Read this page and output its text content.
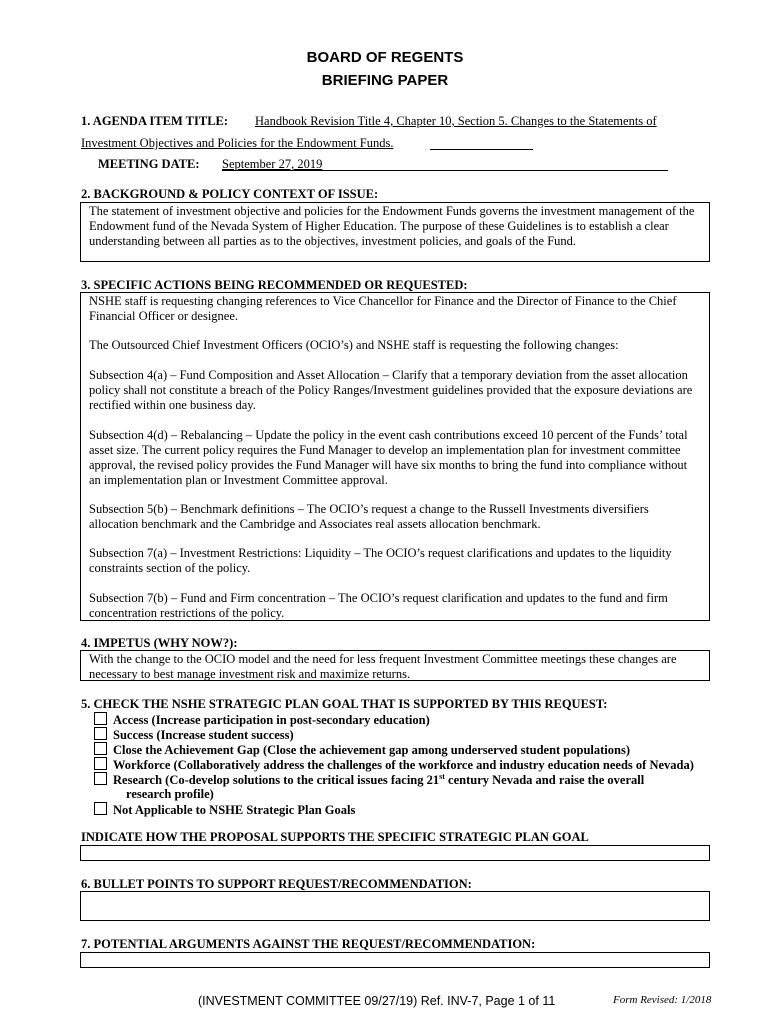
BOARD OF REGENTS
BRIEFING PAPER
1. AGENDA ITEM TITLE: Handbook Revision Title 4, Chapter 10, Section 5. Changes to the Statements of
Investment Objectives and Policies for the Endowment Funds.
MEETING DATE: September 27, 2019
2. BACKGROUND & POLICY CONTEXT OF ISSUE:
The statement of investment objective and policies for the Endowment Funds governs the investment management of the
Endowment fund of the Nevada System of Higher Education. The purpose of these Guidelines is to establish a clear
understanding between all parties as to the objectives, investment policies, and goals of the Fund.
3. SPECIFIC ACTIONS BEING RECOMMENDED OR REQUESTED:
NSHE staff is requesting changing references to Vice Chancellor for Finance and the Director of Finance to the Chief
Financial Officer or designee.
The Outsourced Chief Investment Officers (OCIO’s) and NSHE staff is requesting the following changes:
Subsection 4(a) – Fund Composition and Asset Allocation – Clarify that a temporary deviation from the asset allocation
policy shall not constitute a breach of the Policy Ranges/Investment guidelines provided that the exposure deviations are
rectified within one business day.
Subsection 4(d) – Rebalancing – Update the policy in the event cash contributions exceed 10 percent of the Funds’ total
asset size. The current policy requires the Fund Manager to develop an implementation plan for investment committee
approval, the revised policy provides the Fund Manager will have six months to bring the fund into compliance without
an implementation plan or Investment Committee approval.
Subsection 5(b) – Benchmark definitions – The OCIO’s request a change to the Russell Investments diversifiers
allocation benchmark and the Cambridge and Associates real assets allocation benchmark.
Subsection 7(a) – Investment Restrictions: Liquidity – The OCIO’s request clarifications and updates to the liquidity
constraints section of the policy.
Subsection 7(b) – Fund and Firm concentration – The OCIO’s request clarification and updates to the fund and firm
concentration restrictions of the policy.
4. IMPETUS (WHY NOW?):
With the change to the OCIO model and the need for less frequent Investment Committee meetings these changes are
necessary to best manage investment risk and maximize returns.
5. CHECK THE NSHE STRATEGIC PLAN GOAL THAT IS SUPPORTED BY THIS REQUEST:
Access (Increase participation in post-secondary education)
Success (Increase student success)
Close the Achievement Gap (Close the achievement gap among underserved student populations)
Workforce (Collaboratively address the challenges of the workforce and industry education needs of Nevada)
Research (Co-develop solutions to the critical issues facing 21st century Nevada and raise the overall
research profile)
Not Applicable to NSHE Strategic Plan Goals
INDICATE HOW THE PROPOSAL SUPPORTS THE SPECIFIC STRATEGIC PLAN GOAL
6. BULLET POINTS TO SUPPORT REQUEST/RECOMMENDATION:
7. POTENTIAL ARGUMENTS AGAINST THE REQUEST/RECOMMENDATION:
(INVESTMENT COMMITTEE 09/27/19) Ref. INV-7, Page 1 of 11	Form Revised: 1/2018
